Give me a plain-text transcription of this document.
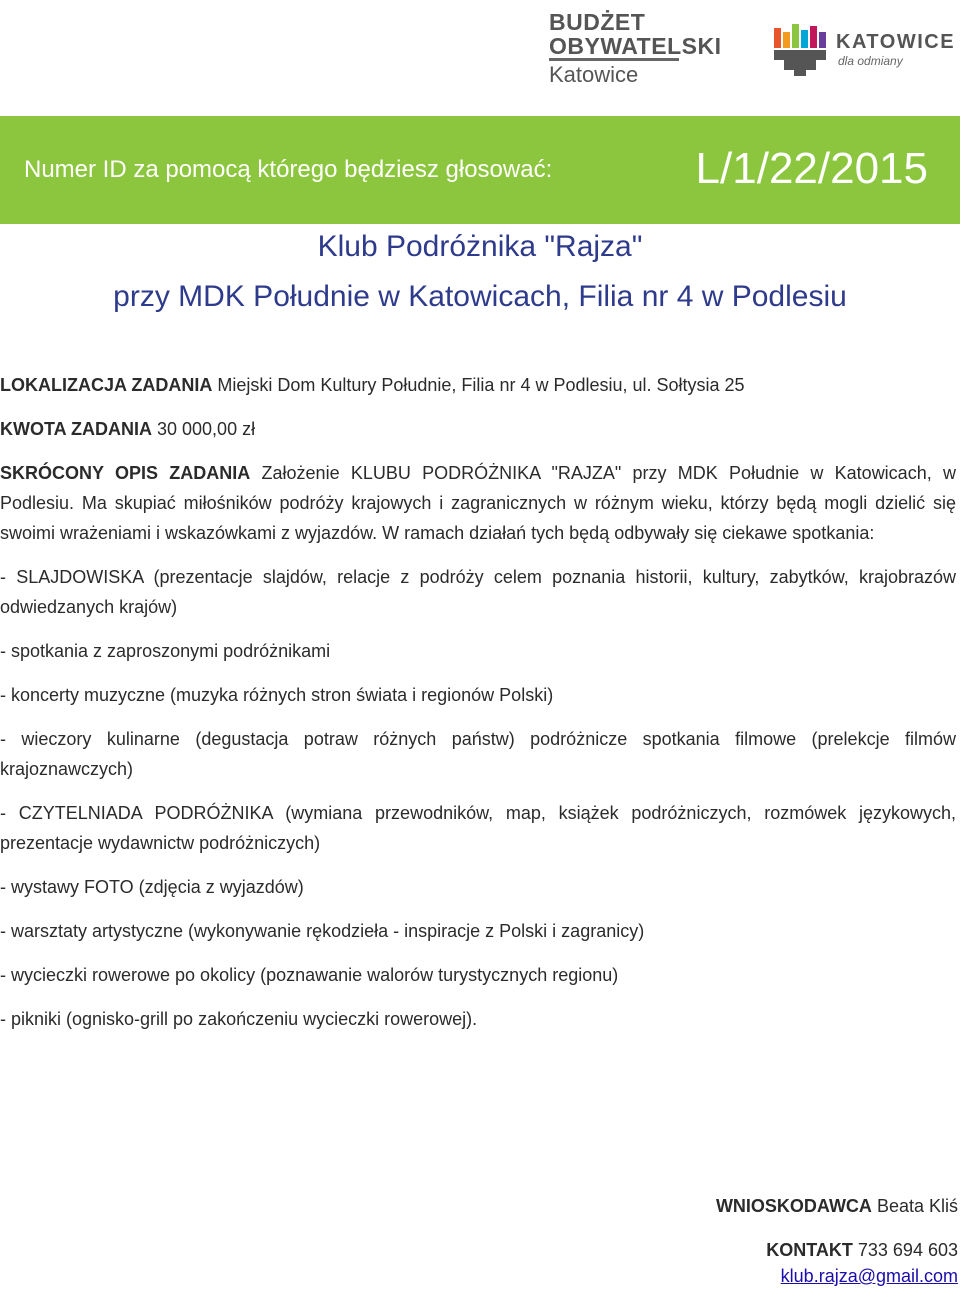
BUDŻET
OBYWATELSKI
Katowice
KATOWICE
dla odmiany
Numer ID za pomocą którego będziesz głosować:	L/1/22/2015
Klub Podróżnika "Rajza"
przy MDK Południe w Katowicach, Filia nr 4 w Podlesiu

LOKALIZACJA ZADANIA Miejski Dom Kultury Południe, Filia nr 4 w Podlesiu, ul. Sołtysia 25

KWOTA ZADANIA 30 000,00 zł

SKRÓCONY OPIS ZADANIA Założenie KLUBU PODRÓŻNIKA "RAJZA" przy MDK Południe w Katowicach, w Podlesiu. Ma skupiać miłośników podróży krajowych i zagranicznych w różnym wieku, którzy będą mogli dzielić się swoimi wrażeniami i wskazówkami z wyjazdów. W ramach działań tych będą odbywały się ciekawe spotkania:

- SLAJDOWISKA (prezentacje slajdów, relacje z podróży celem poznania historii, kultury, zabytków, krajobrazów odwiedzanych krajów)

- spotkania z zaproszonymi podróżnikami

- koncerty muzyczne (muzyka różnych stron świata i regionów Polski)

- wieczory kulinarne (degustacja potraw różnych państw) podróżnicze spotkania filmowe (prelekcje filmów krajoznawczych)

- CZYTELNIADA PODRÓŻNIKA (wymiana przewodników, map, książek podróżniczych, rozmówek językowych, prezentacje wydawnictw podróżniczych)

- wystawy FOTO (zdjęcia z wyjazdów)

- warsztaty artystyczne (wykonywanie rękodzieła - inspiracje z Polski i zagranicy)

- wycieczki rowerowe po okolicy (poznawanie walorów turystycznych regionu)

- pikniki (ognisko-grill po zakończeniu wycieczki rowerowej).

WNIOSKODAWCA Beata Kliś
KONTAKT 733 694 603
klub.rajza@gmail.com
